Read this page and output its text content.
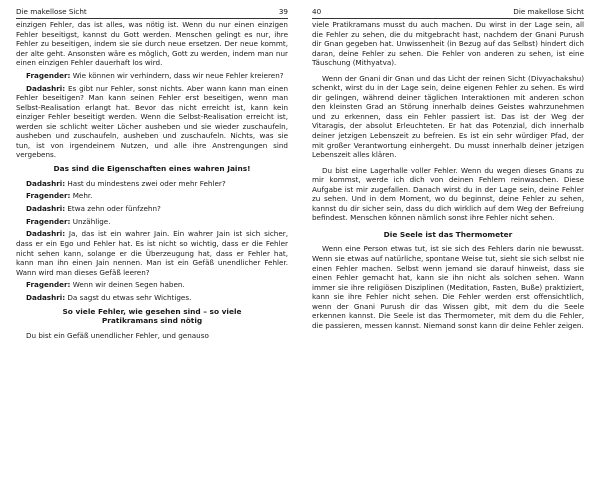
Die makellose Sicht	39

einzigen Fehler, das ist alles, was nötig ist. Wenn du nur einen einzigen Fehler beseitigst, kannst du Gott werden. Menschen gelingt es nur, ihre Fehler zu beseitigen, indem sie sie durch neue ersetzen. Der neue kommt, der alte geht. Ansonsten wäre es möglich, Gott zu werden, indem man nur einen einzigen Fehler dauerhaft los wird.

Fragender: Wie können wir verhindern, dass wir neue Fehler kreieren?

Dadashri: Es gibt nur Fehler, sonst nichts. Aber wann kann man einen Fehler beseitigen? Man kann seinen Fehler erst beseitigen, wenn man Selbst-Realisation erlangt hat. Bevor das nicht erreicht ist, kann kein einziger Fehler beseitigt werden. Wenn die Selbst-Realisation erreicht ist, werden sie schlicht weiter Löcher ausheben und sie wieder zuschaufeln, ausheben und zuschaufeln, ausheben und zuschaufeln. Nichts, was sie tun, ist von irgendeinem Nutzen, und alle ihre Anstrengungen sind vergebens.

Das sind die Eigenschaften eines wahren Jains!

Dadashri: Hast du mindestens zwei oder mehr Fehler?

Fragender: Mehr.

Dadashri: Etwa zehn oder fünfzehn?

Fragender: Unzählige.

Dadashri: Ja, das ist ein wahrer Jain. Ein wahrer Jain ist sich sicher, dass er ein Ego und Fehler hat. Es ist nicht so wichtig, dass er die Fehler nicht sehen kann, solange er die Überzeugung hat, dass er Fehler hat, kann man ihn einen Jain nennen. Man ist ein Gefäß unendlicher Fehler. Wann wird man dieses Gefäß leeren?

Fragender: Wenn wir deinen Segen haben.

Dadashri: Da sagst du etwas sehr Wichtiges.

So viele Fehler, wie gesehen sind – so viele
Pratikramans sind nötig

Du bist ein Gefäß unendlicher Fehler, und genauso

40	Die makellose Sicht

viele Pratikramans musst du auch machen. Du wirst in der Lage sein, all die Fehler zu sehen, die du mitgebracht hast, nachdem der Gnani Purush dir Gnan gegeben hat. Unwissenheit (in Bezug auf das Selbst) hindert dich daran, deine Fehler zu sehen. Die Fehler von anderen zu sehen, ist eine Täuschung (Mithyatva).

Wenn der Gnani dir Gnan und das Licht der reinen Sicht (Divyachakshu) schenkt, wirst du in der Lage sein, deine eigenen Fehler zu sehen. Es wird dir gelingen, während deiner täglichen Interaktionen mit anderen schon den kleinsten Grad an Störung innerhalb deines Geistes wahrzunehmen und zu erkennen, dass ein Fehler passiert ist. Das ist der Weg der Vitaragis, der absolut Erleuchteten. Er hat das Potenzial, dich innerhalb deiner jetzigen Lebenszeit zu befreien. Es ist ein sehr würdiger Pfad, der mit großer Verantwortung einhergeht. Du musst innerhalb deiner jetzigen Lebenszeit alles klären.

Du bist eine Lagerhalle voller Fehler. Wenn du wegen dieses Gnans zu mir kommst, werde ich dich von deinen Fehlern reinwaschen. Diese Aufgabe ist mir zugefallen. Danach wirst du in der Lage sein, deine Fehler zu sehen. Und in dem Moment, wo du beginnst, deine Fehler zu sehen, kannst du dir sicher sein, dass du dich wirklich auf dem Weg der Befreiung befindest. Menschen können nämlich sonst ihre Fehler nicht sehen.

Die Seele ist das Thermometer

Wenn eine Person etwas tut, ist sie sich des Fehlers darin nie bewusst. Wenn sie etwas auf natürliche, spontane Weise tut, sieht sie sich selbst nie einen Fehler machen. Selbst wenn jemand sie darauf hinweist, dass sie einen Fehler gemacht hat, kann sie ihn nicht als solchen sehen. Wann immer sie ihre religiösen Disziplinen (Meditation, Fasten, Buße) praktiziert, kann sie ihre Fehler nicht sehen. Die Fehler werden erst offensichtlich, wenn der Gnani Purush dir das Wissen gibt, mit dem du die Seele erkennen kannst. Die Seele ist das Thermometer, mit dem du die Fehler, die passieren, messen kannst. Niemand sonst kann dir deine Fehler zeigen.
